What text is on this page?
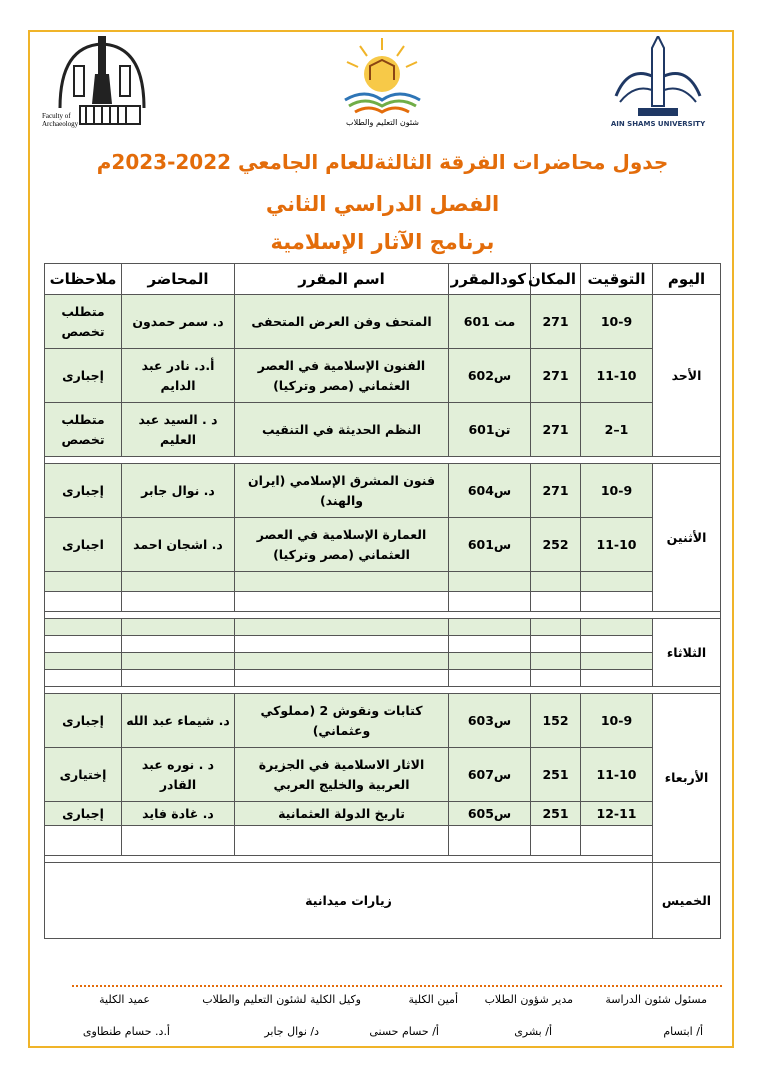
Faculty of
Archaeology	شئون التعليم والطلاب	AIN SHAMS UNIVERSITY
جدول محاضرات الفرقة الثالثةللعام الجامعي 2022-2023م
الفصل الدراسي الثاني
برنامج الآثار الإسلامية
اليوم	التوقيت	المكان	كودالمقرر	اسم المقرر	المحاضر	ملاحظات
الأحد	10-9	271	مت 601	المتحف وفن العرض المتحفى	د. سمر حمدون	متطلب تخصص
	11-10	271	س602	الفنون الإسلامية في العصر العثماني (مصر وتركيا)	أ.د. نادر عبد الدايم	إجبارى
	1–2	271	تن601	النظم الحديثة في التنقيب	د . السيد عبد العليم	متطلب تخصص

الأثنين	10-9	271	س604	فنون المشرق الإسلامي (ايران والهند)	د. نوال جابر	إجبارى
	11-10	252	س601	العمارة الإسلامية في العصر العثماني (مصر وتركيا)	د. اشجان احمد	اجبارى

الثلاثاء						

الأربعاء	10-9	152	س603	كتابات ونقوش 2 (مملوكي وعثماني)	د. شيماء عبد الله	إجبارى
	11-10	251	س607	الاثار الاسلامية في الجزيرة العربية والخليج العربي	د . نوره عبد القادر	إختيارى
	12-11	251	س605	تاريخ الدولة العثمانية	د. غادة فايد	إجبارى

الخميس	زيارات ميدانية					
مسئول شئون الدراسة
مدير شؤون الطلاب
أمين الكلية
وكيل الكلية لشئون التعليم والطلاب
عميد الكلية
أ/ ابتسام
أ/ بشرى
أ/ حسام حسنى
د/ نوال جابر
أ.د. حسام طنطاوى
